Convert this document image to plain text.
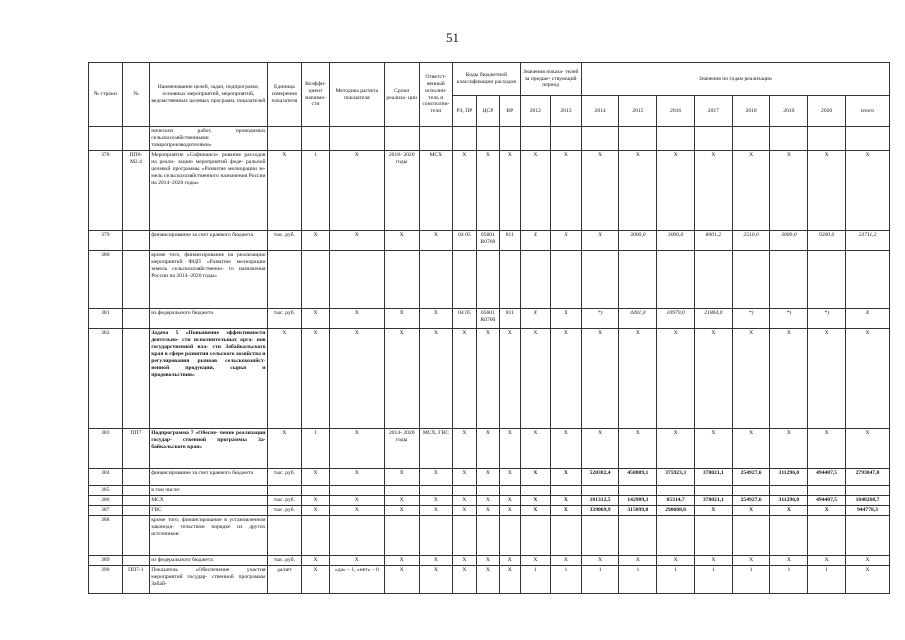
51
№ строки	№	Наименование целей, задач, подпрограмм, основных мероприятий, мероприятий, ведомственных целевых программ, показателей	Единица измерения показателя	Коэффи- циент значимо- сти	Методика расчета показателя	Сроки реализа- ции	Ответст- венный исполни- тель и соисполни- тели	Коды бюджетной классификации расходов			Значения показа- телей за предше- ствующий период		Значения по годам реализации							
								РЗ, ПР	ЦСР	ВР	2012	2013	2014	2015	2016	2017	2018	2019	2020	итого
		нических работ, проводимых сельскохозяйственными товаропроизводителями»																		
378	ПП6-М2.4	Мероприятие «Софинанси- рование расходов на реали- зацию мероприятий феде- ральной целевой программы «Развитие мелиорации зе- мель сельскохозяйственного назначения России на 2014–2020 годы»	X	1	X	2018- 2020 годы	МСХ	X	X	X	X	X	X	X	X	X	X	X	X	X
379		финансирование за счет краевого бюджета	тыс. руб.	X	X	X	X	04 05	05601 R0760	811	X	X	X	3000,0	3000,0	8001,2	2510,0	3000,0	9200,0	23711,2
380		кроме того, финансирование на реализацию мероприятий ФЦП «Развитие мелиорации земель сельскохозяйственно- го назначения России на 2014–2020 годы»																		
381		из федерального бюджета	тыс. руб.	X	X	X	X	04 05	05601 R0760	811	X	X	*)	4401,0	10979,0	21864,0	*)	*)	*)	X
382		Задача 5 «Повышение эффективности деятельно- сти исполнительных орга- нов государственной вла- сти Забайкальского края в сфере развития сельского хозяйства и регулирования рынков сельскохозяйст- венной продукции, сырья и продовольствия»	X	X	X	X	X	X	X	X	X	X	X	X	X	X	X	X	X	X
383	ПП7	Подпрограмма 7 «Обеспе- чение реализации государ- ственной программы За- байкальского края»	X	1	X	2014- 2020 годы	МСХ, ГВС	X	X	X	X	X	X	X	X	X	X	X	X	X
384		финансирование за счет краевого бюджета	тыс. руб.	X	X	X	X	X	X	X	X	X	520382,4	458089,1	375923,3	378021,1	254927,6	311296,0	494407,5	2793047,0
385		в том числе:																		
386		МСХ	тыс. руб.	X	X	X	X	X	X	X	X	X	181312,5	142989,3	85314,7	378021,1	254927,6	311296,0	494407,5	1848268,7
387		ГВС	тыс. руб.	X	X	X	X	X	X	X	X	X	339069,9	315099,8	290608,6	X	X	X	X	944778,3
388		кроме того, финансирование в установленном законода- тельством порядке из других источников:																		
389		из федерального бюджета	тыс. руб.	X	X	X	X	X	X	X	X	X	X	X	X	X	X	X	X	X
390	ПП7-1	Показатель «Обеспечение участия мероприятий государ- ственной программы Забай-	да/нет	X	«да» – 1, «нет» – 0	X	X	X	X	X	1	1	1	1	1	1	1	1	1	X
